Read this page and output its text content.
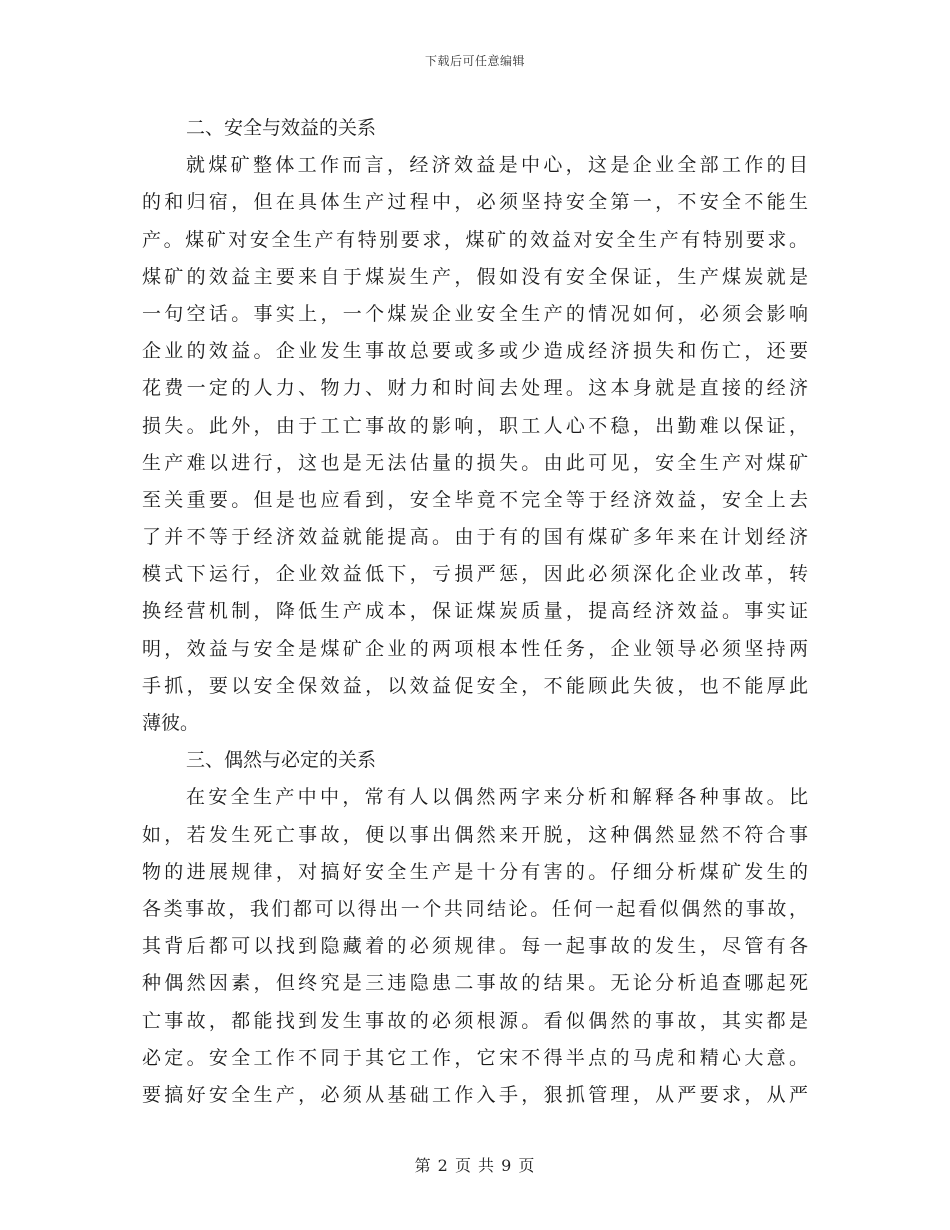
下载后可任意编辑
二、安全与效益的关系
就煤矿整体工作而言，经济效益是中心，这是企业全部工作的目
的和归宿，但在具体生产过程中，必须坚持安全第一，不安全不能生
产。煤矿对安全生产有特别要求，煤矿的效益对安全生产有特别要求。
煤矿的效益主要来自于煤炭生产，假如没有安全保证，生产煤炭就是
一句空话。事实上，一个煤炭企业安全生产的情况如何，必须会影响
企业的效益。企业发生事故总要或多或少造成经济损失和伤亡，还要
花费一定的人力、物力、财力和时间去处理。这本身就是直接的经济
损失。此外，由于工亡事故的影响，职工人心不稳，出勤难以保证，
生产难以进行，这也是无法估量的损失。由此可见，安全生产对煤矿
至关重要。但是也应看到，安全毕竟不完全等于经济效益，安全上去
了并不等于经济效益就能提高。由于有的国有煤矿多年来在计划经济
模式下运行，企业效益低下，亏损严惩，因此必须深化企业改革，转
换经营机制，降低生产成本，保证煤炭质量，提高经济效益。事实证
明，效益与安全是煤矿企业的两项根本性任务，企业领导必须坚持两
手抓，要以安全保效益，以效益促安全，不能顾此失彼，也不能厚此
薄彼。
三、偶然与必定的关系
在安全生产中中，常有人以偶然两字来分析和解释各种事故。比
如，若发生死亡事故，便以事出偶然来开脱，这种偶然显然不符合事
物的进展规律，对搞好安全生产是十分有害的。仔细分析煤矿发生的
各类事故，我们都可以得出一个共同结论。任何一起看似偶然的事故，
其背后都可以找到隐藏着的必须规律。每一起事故的发生，尽管有各
种偶然因素，但终究是三违隐患二事故的结果。无论分析追查哪起死
亡事故，都能找到发生事故的必须根源。看似偶然的事故，其实都是
必定。安全工作不同于其它工作，它宋不得半点的马虎和精心大意。
要搞好安全生产，必须从基础工作入手，狠抓管理，从严要求，从严
第 2 页 共 9 页
